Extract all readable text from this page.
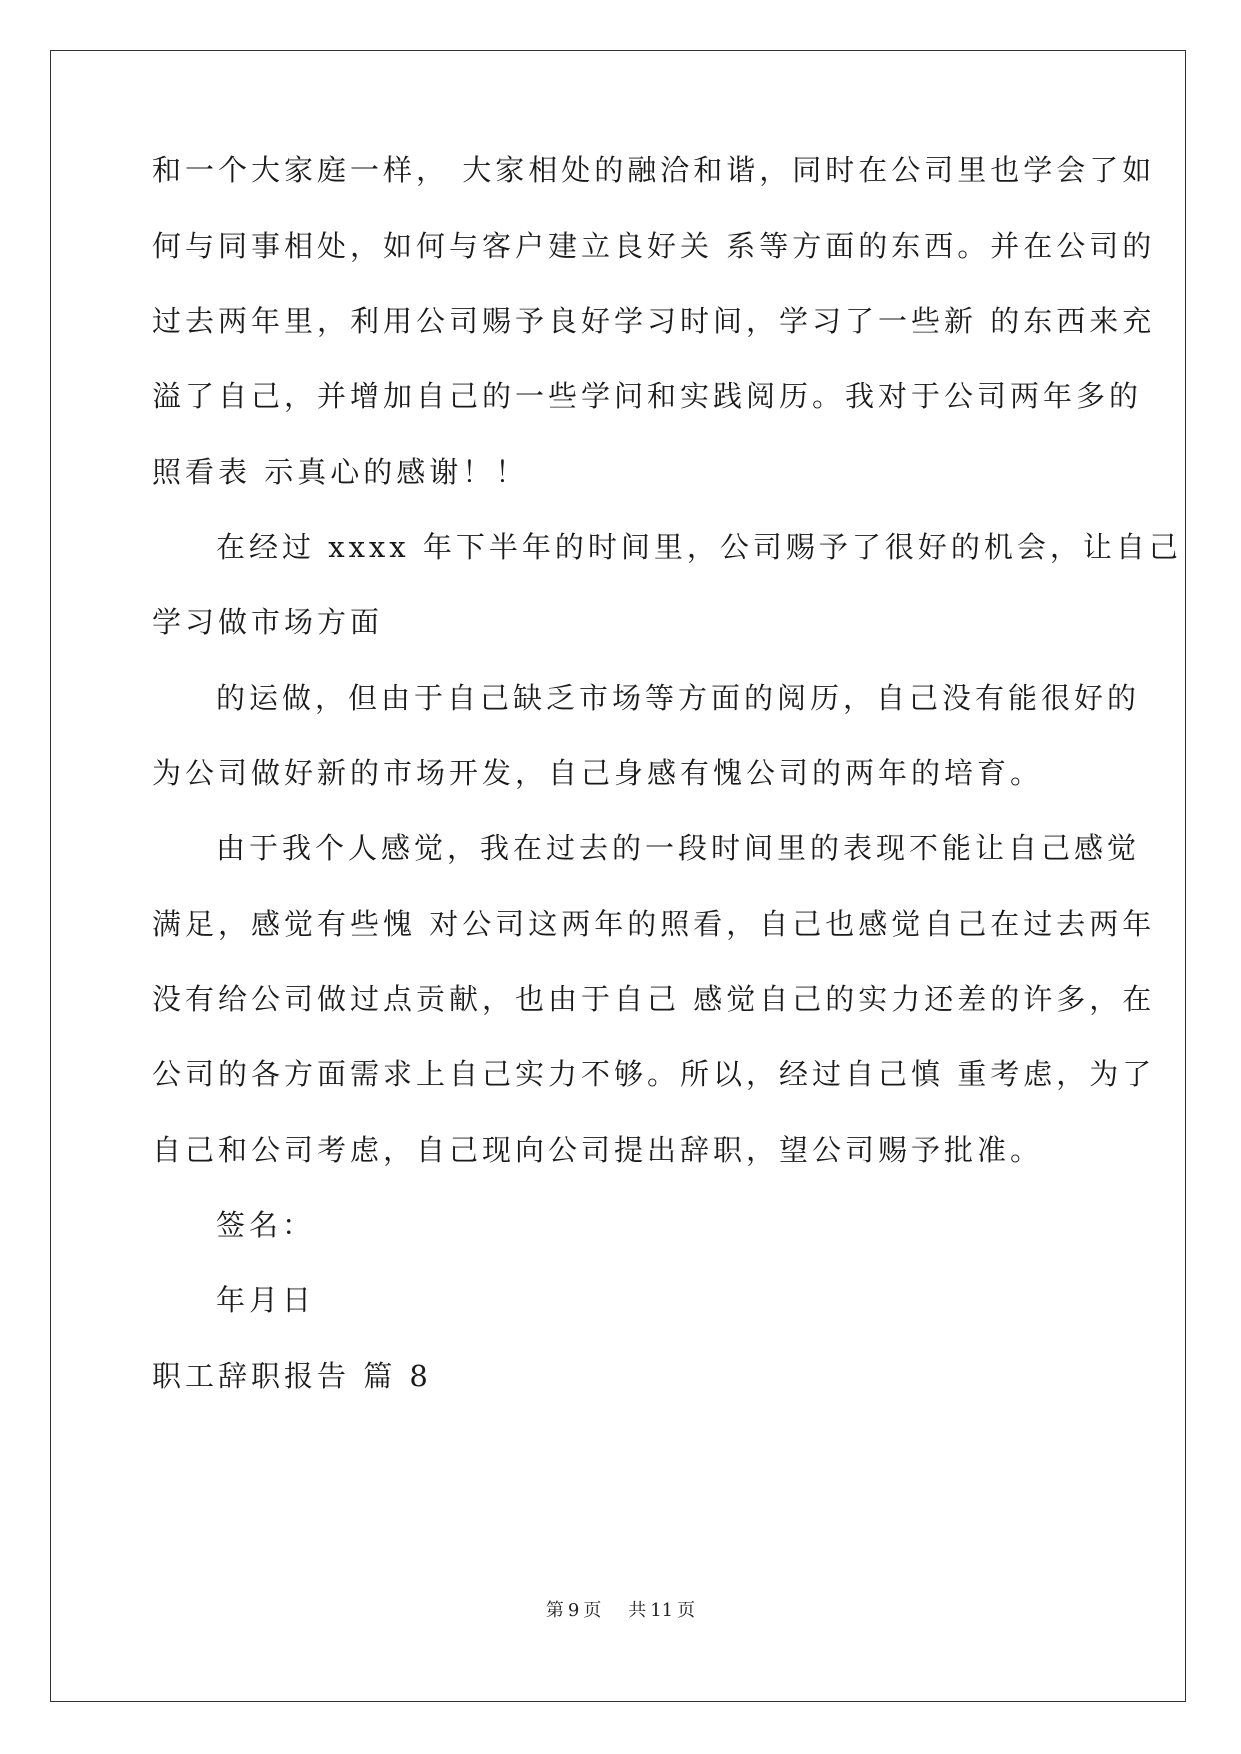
和一个大家庭一样， 大家相处的融洽和谐，同时在公司里也学会了如
何与同事相处，如何与客户建立良好关 系等方面的东西。并在公司的
过去两年里，利用公司赐予良好学习时间，学习了一些新 的东西来充
溢了自己，并增加自己的一些学问和实践阅历。我对于公司两年多的
照看表 示真心的感谢！！
在经过 xxxx 年下半年的时间里，公司赐予了很好的机会，让自己
学习做市场方面
的运做，但由于自己缺乏市场等方面的阅历，自己没有能很好的
为公司做好新的市场开发，自己身感有愧公司的两年的培育。
由于我个人感觉，我在过去的一段时间里的表现不能让自己感觉
满足，感觉有些愧 对公司这两年的照看，自己也感觉自己在过去两年
没有给公司做过点贡献，也由于自己 感觉自己的实力还差的许多，在
公司的各方面需求上自己实力不够。所以，经过自己慎 重考虑，为了
自己和公司考虑，自己现向公司提出辞职，望公司赐予批准。
签名：
年月日
职工辞职报告 篇 8
第 9 页 共 11 页
